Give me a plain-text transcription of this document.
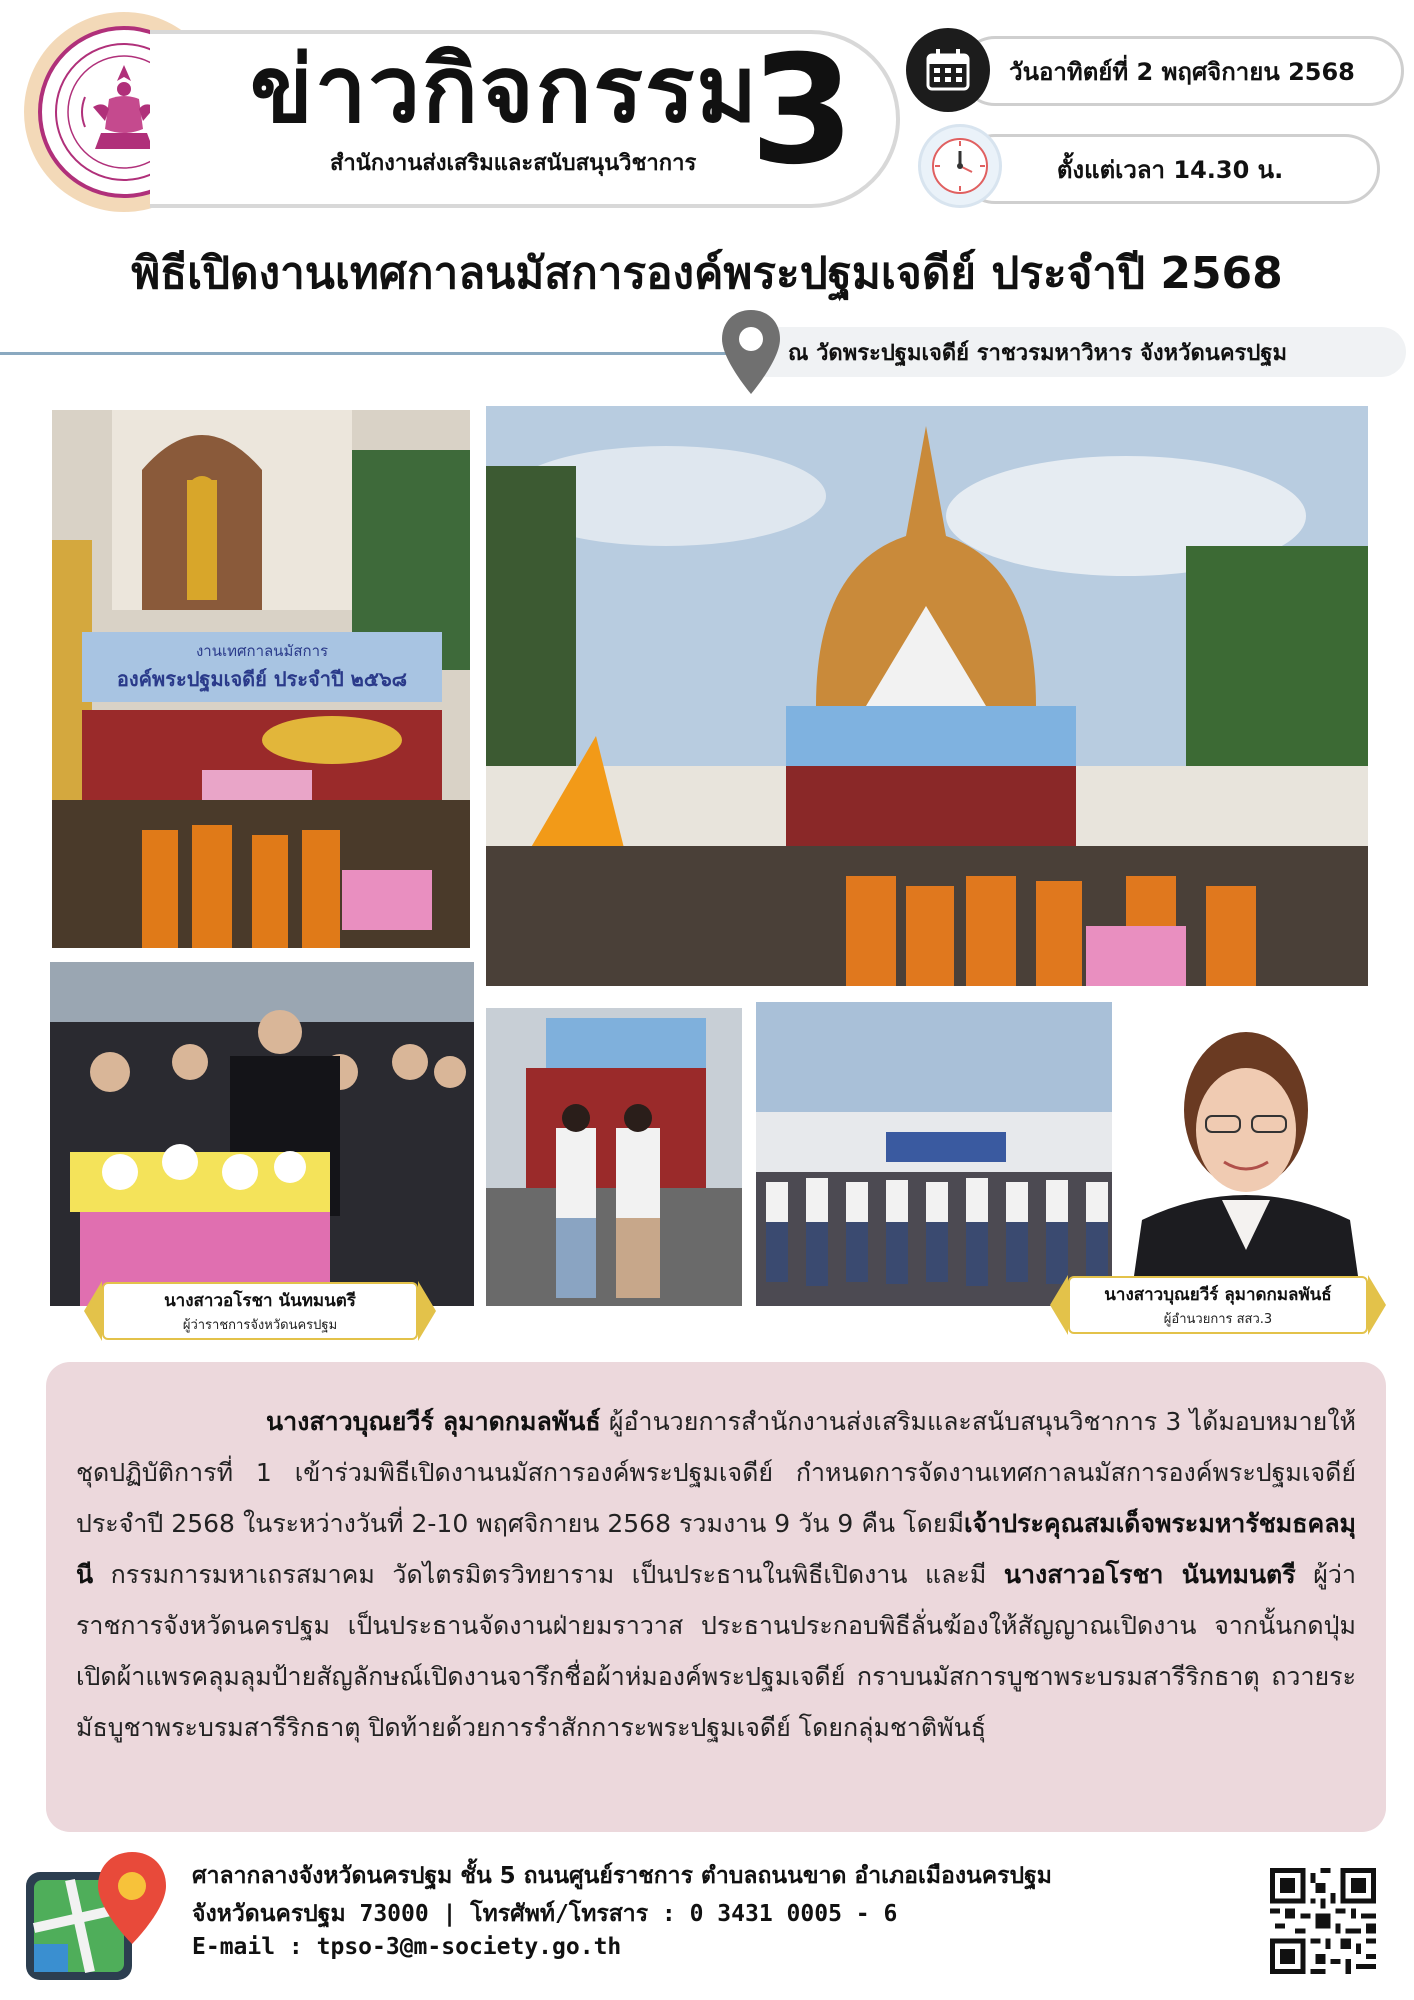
ข่าวกิจกรรม
3
สำนักงานส่งเสริมและสนับสนุนวิชาการ
วันอาทิตย์ที่ 2 พฤศจิกายน 2568
ตั้งแต่เวลา 14.30 น.
พิธีเปิดงานเทศกาลนมัสการองค์พระปฐมเจดีย์ ประจำปี 2568
ณ วัดพระปฐมเจดีย์ ราชวรมหาวิหาร จังหวัดนครปฐม
งานเทศกาลนมัสการ
องค์พระปฐมเจดีย์ ประจำปี ๒๕๖๘
นางสาวอโรชา นันทมนตรี
ผู้ว่าราชการจังหวัดนครปฐม
นางสาวบุณยวีร์ ลุมาดกมลพันธ์
ผู้อำนวยการ สสว.3

นางสาวบุณยวีร์ ลุมาดกมลพันธ์ ผู้อำนวยการสำนักงานส่งเสริมและสนับสนุนวิชาการ 3 ได้มอบหมายให้ชุดปฏิบัติการที่ 1 เข้าร่วมพิธีเปิดงานนมัสการองค์พระปฐมเจดีย์ กำหนดการจัดงานเทศกาลนมัสการองค์พระปฐมเจดีย์ ประจำปี 2568 ในระหว่างวันที่ 2-10 พฤศจิกายน 2568 รวมงาน 9 วัน 9 คืน โดยมีเจ้าประคุณสมเด็จพระมหารัชมธคลมุนี กรรมการมหาเถรสมาคม วัดไตรมิตรวิทยาราม เป็นประธานในพิธีเปิดงาน และมี นางสาวอโรชา นันทมนตรี ผู้ว่าราชการจังหวัดนครปฐม เป็นประธานจัดงานฝ่ายมราวาส ประธานประกอบพิธีลั่นฆ้องให้สัญญาณเปิดงาน จากนั้นกดปุ่มเปิดผ้าแพรคลุมลุมป้ายสัญลักษณ์เปิดงานจารึกชื่อผ้าห่มองค์พระปฐมเจดีย์ กราบนมัสการบูชาพระบรมสารีริกธาตุ ถวายระมัธบูชาพระบรมสารีริกธาตุ ปิดท้ายด้วยการรำสักการะพระปฐมเจดีย์ โดยกลุ่มชาติพันธุ์

ศาลากลางจังหวัดนครปฐม ชั้น 5 ถนนศูนย์ราชการ ตำบลถนนขาด อำเภอเมืองนครปฐม
จังหวัดนครปฐม 73000 | โทรศัพท์/โทรสาร : 0 3431 0005 - 6
E-mail : tpso-3@m-society.go.th
